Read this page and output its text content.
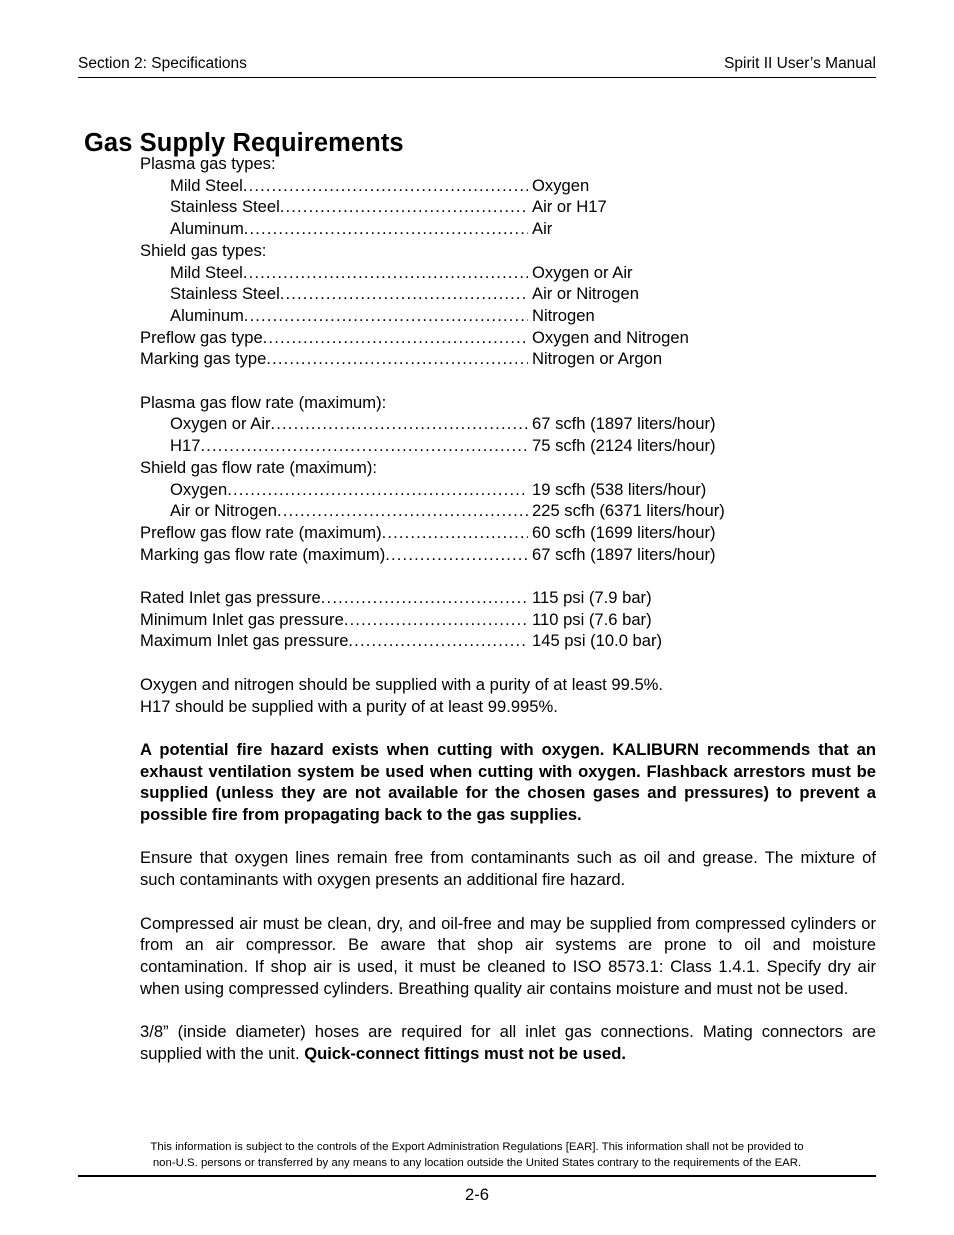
Section 2: Specifications	Spirit II User’s Manual
Gas Supply Requirements
Plasma gas types:
Mild Steel .....	Oxygen
Stainless Steel .....	Air or H17
Aluminum .....	Air
Shield gas types:
Mild Steel .....	Oxygen or Air
Stainless Steel .....	Air or Nitrogen
Aluminum .....	Nitrogen
Preflow gas type .....	Oxygen and Nitrogen
Marking gas type .....	Nitrogen or Argon
Plasma gas flow rate (maximum):
Oxygen or Air .....	67 scfh (1897 liters/hour)
H17 .....	75 scfh (2124 liters/hour)
Shield gas flow rate (maximum):
Oxygen .....	19 scfh (538 liters/hour)
Air or Nitrogen .....	225 scfh (6371 liters/hour)
Preflow gas flow rate (maximum) .....	60 scfh (1699 liters/hour)
Marking gas flow rate (maximum) .....	67 scfh (1897 liters/hour)
Rated Inlet gas pressure .....	115 psi (7.9 bar)
Minimum Inlet gas pressure .....	110 psi (7.6 bar)
Maximum Inlet gas pressure .....	145 psi (10.0 bar)

Oxygen and nitrogen should be supplied with a purity of at least 99.5%.

H17 should be supplied with a purity of at least 99.995%.

A potential fire hazard exists when cutting with oxygen. KALIBURN recommends that an exhaust ventilation system be used when cutting with oxygen. Flashback arrestors must be supplied (unless they are not available for the chosen gases and pressures) to prevent a possible fire from propagating back to the gas supplies.

Ensure that oxygen lines remain free from contaminants such as oil and grease. The mixture of such contaminants with oxygen presents an additional fire hazard.

Compressed air must be clean, dry, and oil-free and may be supplied from compressed cylinders or from an air compressor. Be aware that shop air systems are prone to oil and moisture contamination. If shop air is used, it must be cleaned to ISO 8573.1: Class 1.4.1. Specify dry air when using compressed cylinders. Breathing quality air contains moisture and must not be used.

3/8” (inside diameter) hoses are required for all inlet gas connections. Mating connectors are supplied with the unit. Quick-connect fittings must not be used.

This information is subject to the controls of the Export Administration Regulations [EAR]. This information shall not be provided to
non-U.S. persons or transferred by any means to any location outside the United States contrary to the requirements of the EAR.
2-6
